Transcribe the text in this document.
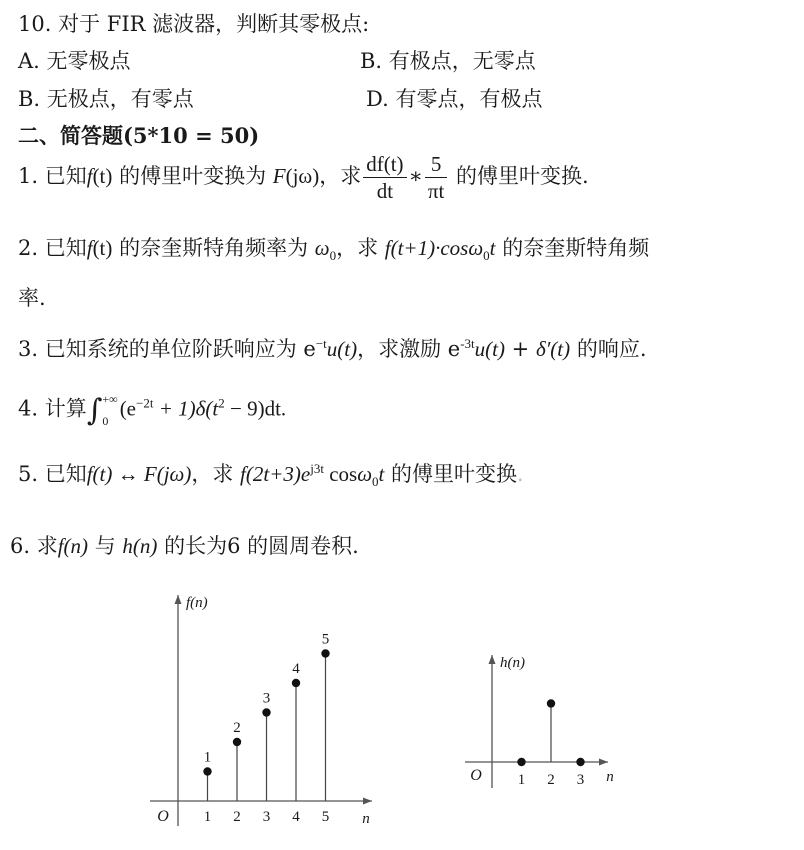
10. 对于 FIR 滤波器，判断其零极点:
A. 无零极点	B. 有极点，无零点
B. 无极点，有零点	D. 有零点，有极点
二、简答题(5*10 = 50)
1. 已知f(t) 的傅里叶变换为 F(jω)，求 $\frac{df(t)}{dt}$ ∗ $\frac{5}{\pi t}$ 的傅里叶变换.
2. 已知f(t) 的奈奎斯特角频率为 $\omega_0$，求 f(t+1)·cosω$_0$t 的奈奎斯特角频
率.
3. 已知系统的单位阶跃响应为 $e^{-t}u(t)$，求激励 $e^{-3t}u(t) + \delta'(t)$ 的响应.
4. 计算∫ +∞
0
$(e^{-2t} + 1)\delta(t^2 - 9)dt$.
5. 已知f(t) ↔ F(jω)，求 $f(2t+3)e^{j3t}$ cosω$_0$t 的傅里叶变换.
6. 求f(n) 与 h(n) 的长为6 的圆周卷积.
f(n)
O	n
1
1
2
2
3
3
4
4
5
5
h(n)
O	n
1 2 3
